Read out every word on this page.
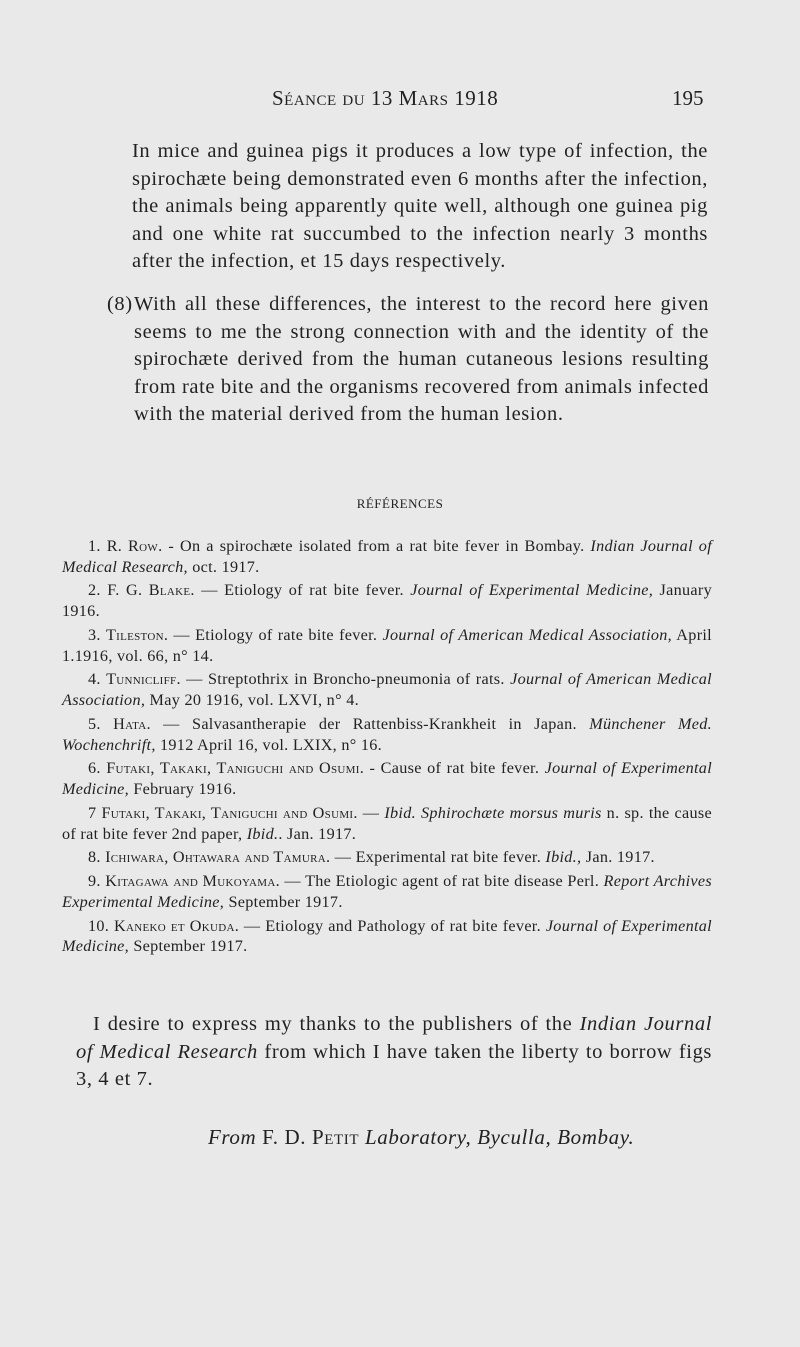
Séance du 13 Mars 1918	195
In mice and guinea pigs it produces a low type of infection, the spirochæte being demonstrated even 6 months after the infection, the animals being apparently quite well, although one guinea pig and one white rat succumbed to the infection nearly 3 months after the infection, et 15 days respectively.
(8) With all these differences, the interest to the record here given seems to me the strong connection with and the identity of the spirochæte derived from the human cutaneous lesions resulting from rate bite and the organisms recovered from animals infected with the material derived from the human lesion.
RÉFÉRENCES

1. R. Row. - On a spirochæte isolated from a rat bite fever in Bombay. Indian Journal of Medical Research, oct. 1917.

2. F. G. Blake. — Etiology of rat bite fever. Journal of Experimental Medicine, January 1916.

3. Tileston. — Etiology of rate bite fever. Journal of American Medical Association, April 1.1916, vol. 66, n° 14.

4. Tunnicliff. — Streptothrix in Broncho-pneumonia of rats. Journal of American Medical Association, May 20 1916, vol. LXVI, n° 4.

5. Hata. — Salvasantherapie der Rattenbiss-Krankheit in Japan. Münchener Med. Wochenchrift, 1912 April 16, vol. LXIX, n° 16.

6. Futaki, Takaki, Taniguchi and Osumi. - Cause of rat bite fever. Journal of Experimental Medicine, February 1916.

7 Futaki, Takaki, Taniguchi and Osumi. — Ibid. Sphirochæte morsus muris n. sp. the cause of rat bite fever 2nd paper, Ibid.. Jan. 1917.

8. Ichiwara, Ohtawara and Tamura. — Experimental rat bite fever. Ibid., Jan. 1917.

9. Kitagawa and Mukoyama. — The Etiologic agent of rat bite disease Perl. Report Archives Experimental Medicine, September 1917.

10. Kaneko et Okuda. — Etiology and Pathology of rat bite fever. Journal of Experimental Medicine, September 1917.

I desire to express my thanks to the publishers of the Indian Journal of Medical Research from which I have taken the liberty to borrow figs 3, 4 et 7.
From F. D. Petit Laboratory, Byculla, Bombay.
